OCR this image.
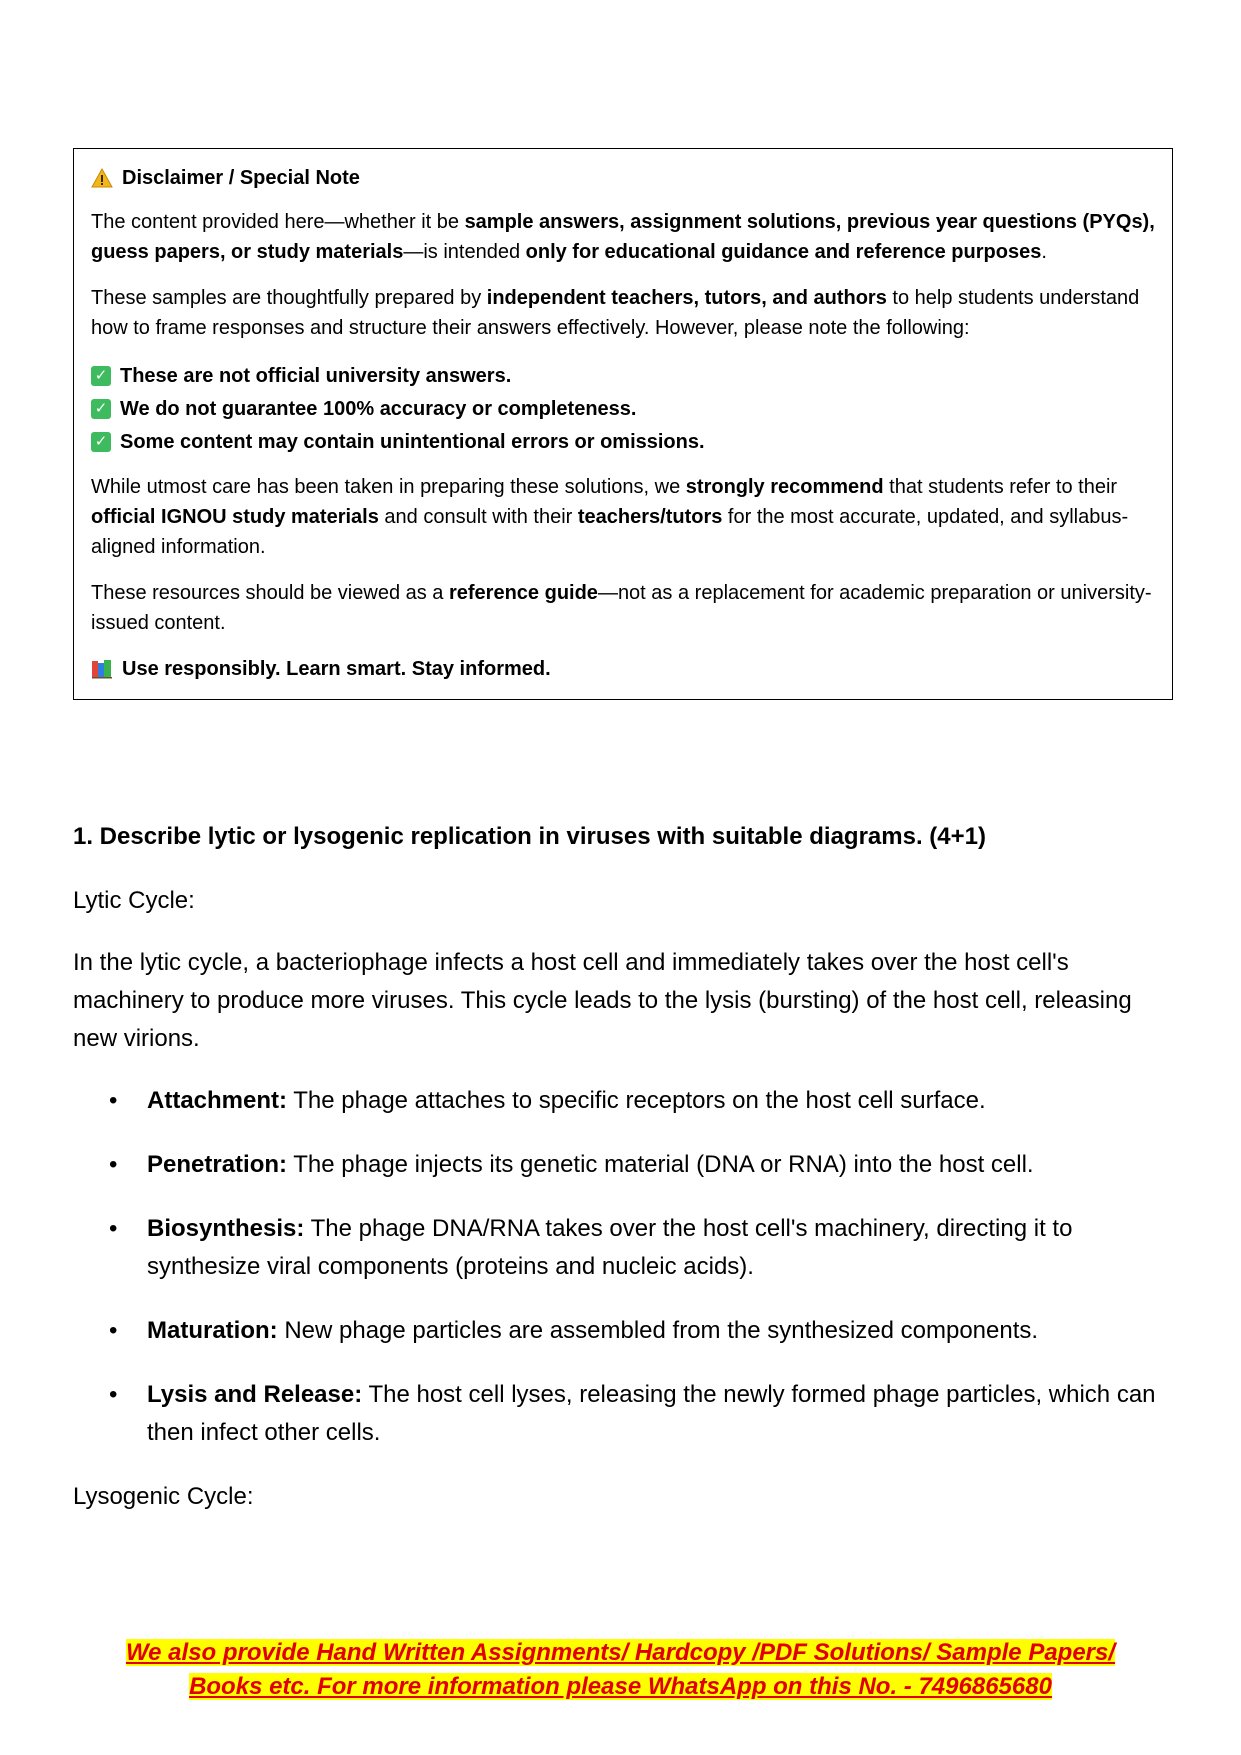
Disclaimer / Special Note

The content provided here—whether it be sample answers, assignment solutions, previous year questions (PYQs), guess papers, or study materials—is intended only for educational guidance and reference purposes.

These samples are thoughtfully prepared by independent teachers, tutors, and authors to help students understand how to frame responses and structure their answers effectively. However, please note the following:

✓ These are not official university answers.
✓ We do not guarantee 100% accuracy or completeness.
✓ Some content may contain unintentional errors or omissions.

While utmost care has been taken in preparing these solutions, we strongly recommend that students refer to their official IGNOU study materials and consult with their teachers/tutors for the most accurate, updated, and syllabus-aligned information.

These resources should be viewed as a reference guide—not as a replacement for academic preparation or university-issued content.

Use responsibly. Learn smart. Stay informed.
1. Describe lytic or lysogenic replication in viruses with suitable diagrams. (4+1)
Lytic Cycle:
In the lytic cycle, a bacteriophage infects a host cell and immediately takes over the host cell's machinery to produce more viruses. This cycle leads to the lysis (bursting) of the host cell, releasing new virions.
• Attachment: The phage attaches to specific receptors on the host cell surface.
• Penetration: The phage injects its genetic material (DNA or RNA) into the host cell.
• Biosynthesis: The phage DNA/RNA takes over the host cell's machinery, directing it to synthesize viral components (proteins and nucleic acids).
• Maturation: New phage particles are assembled from the synthesized components.
• Lysis and Release: The host cell lyses, releasing the newly formed phage particles, which can then infect other cells.
Lysogenic Cycle:
We also provide Hand Written Assignments/ Hardcopy /PDF Solutions/ Sample Papers/
Books etc. For more information please WhatsApp on this No. - 7496865680
